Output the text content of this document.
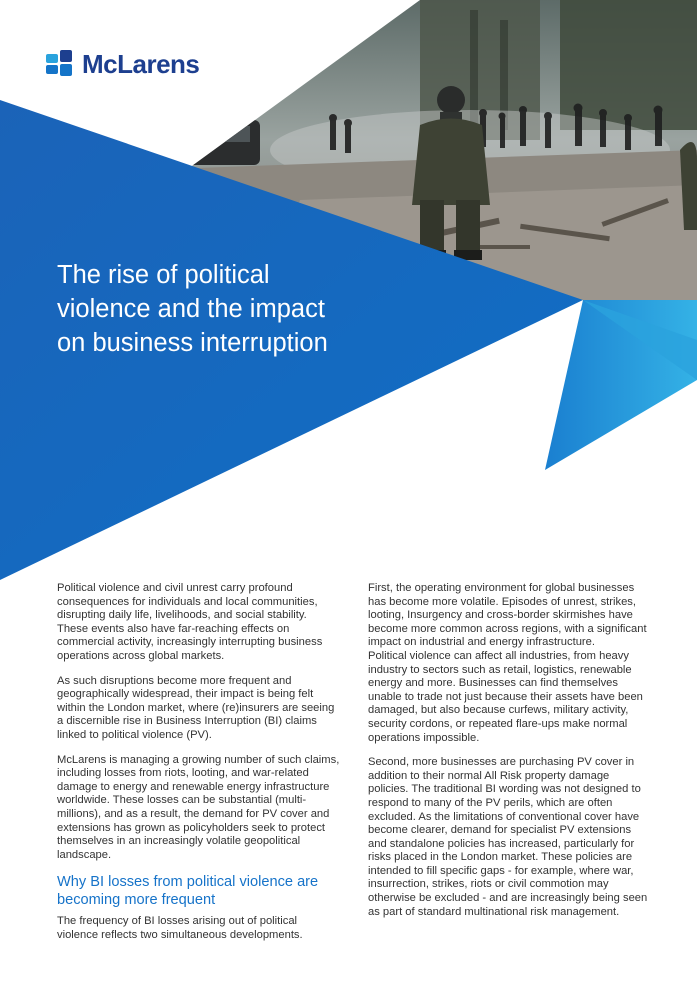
McLarens
The rise of political violence and the impact on business interruption

Political violence and civil unrest carry profound consequences for individuals and local communities, disrupting daily life, livelihoods, and social stability. These events also have far-reaching effects on commercial activity, increasingly interrupting business operations across global markets.

As such disruptions become more frequent and geographically widespread, their impact is being felt within the London market, where (re)insurers are seeing a discernible rise in Business Interruption (BI) claims linked to political violence (PV).

McLarens is managing a growing number of such claims, including losses from riots, looting, and war-related damage to energy and renewable energy infrastructure worldwide. These losses can be substantial (multi-millions), and as a result, the demand for PV cover and extensions has grown as policyholders seek to protect themselves in an increasingly volatile geopolitical landscape.

Why BI losses from political violence are becoming more frequent

The frequency of BI losses arising out of political violence reflects two simultaneous developments.

First, the operating environment for global businesses has become more volatile. Episodes of unrest, strikes, looting, Insurgency and cross-border skirmishes have become more common across regions, with a significant impact on industrial and energy infrastructure.

Political violence can affect all industries, from heavy industry to sectors such as retail, logistics, renewable energy and more. Businesses can find themselves unable to trade not just because their assets have been damaged, but also because curfews, military activity, security cordons, or repeated flare-ups make normal operations impossible.

Second, more businesses are purchasing PV cover in addition to their normal All Risk property damage policies. The traditional BI wording was not designed to respond to many of the PV perils, which are often excluded. As the limitations of conventional cover have become clearer, demand for specialist PV extensions and standalone policies has increased, particularly for risks placed in the London market. These policies are intended to fill specific gaps - for example, where war, insurrection, strikes, riots or civil commotion may otherwise be excluded - and are increasingly being seen as part of standard multinational risk management.
